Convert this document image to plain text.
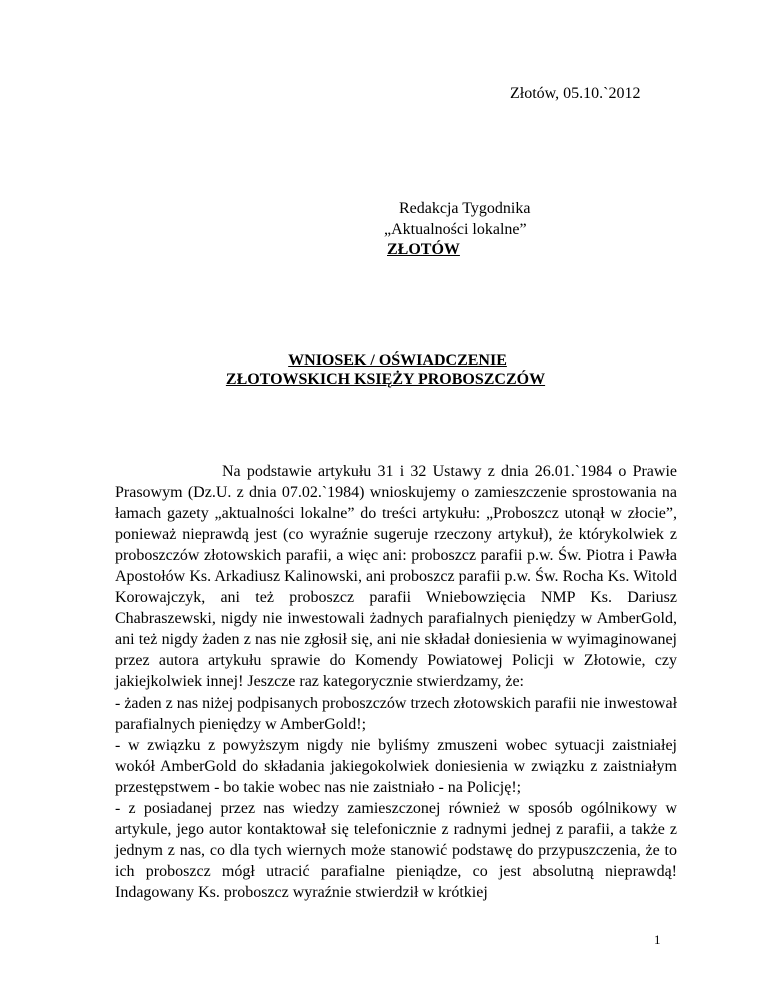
Złotów, 05.10.`2012
Redakcja Tygodnika
„Aktualności lokalne”
ZŁOTÓW
WNIOSEK / OŚWIADCZENIE
ZŁOTOWSKICH KSIĘŻY PROBOSZCZÓW

Na podstawie artykułu 31 i 32 Ustawy z dnia 26.01.`1984 o Prawie Prasowym (Dz.U. z dnia 07.02.`1984) wnioskujemy o zamieszczenie sprostowania na łamach gazety „aktualności lokalne” do treści artykułu: „Proboszcz utonął w złocie”, ponieważ nieprawdą jest (co wyraźnie sugeruje rzeczony artykuł), że którykolwiek z proboszczów złotowskich parafii, a więc ani: proboszcz parafii p.w. Św. Piotra i Pawła Apostołów Ks. Arkadiusz Kalinowski, ani proboszcz parafii p.w. Św. Rocha Ks. Witold Korowajczyk, ani też proboszcz parafii Wniebowzięcia NMP Ks. Dariusz Chabraszewski, nigdy nie inwestowali żadnych parafialnych pieniędzy w AmberGold, ani też nigdy żaden z nas nie zgłosił się, ani nie składał doniesienia w wyimaginowanej przez autora artykułu sprawie do Komendy Powiatowej Policji w Złotowie, czy jakiejkolwiek innej! Jeszcze raz kategorycznie stwierdzamy, że:

- żaden z nas niżej podpisanych proboszczów trzech złotowskich parafii nie inwestował parafialnych pieniędzy w AmberGold!;

- w związku z powyższym nigdy nie byliśmy zmuszeni wobec sytuacji zaistniałej wokół AmberGold do składania jakiegokolwiek doniesienia w związku z zaistniałym przestępstwem - bo takie wobec nas nie zaistniało - na Policję!;

- z posiadanej przez nas wiedzy zamieszczonej również w sposób ogólnikowy w artykule, jego autor kontaktował się telefonicznie z radnymi jednej z parafii, a także z jednym z nas, co dla tych wiernych może stanowić podstawę do przypuszczenia, że to ich proboszcz mógł utracić parafialne pieniądze, co jest absolutną nieprawdą! Indagowany Ks. proboszcz wyraźnie stwierdził w krótkiej

1
